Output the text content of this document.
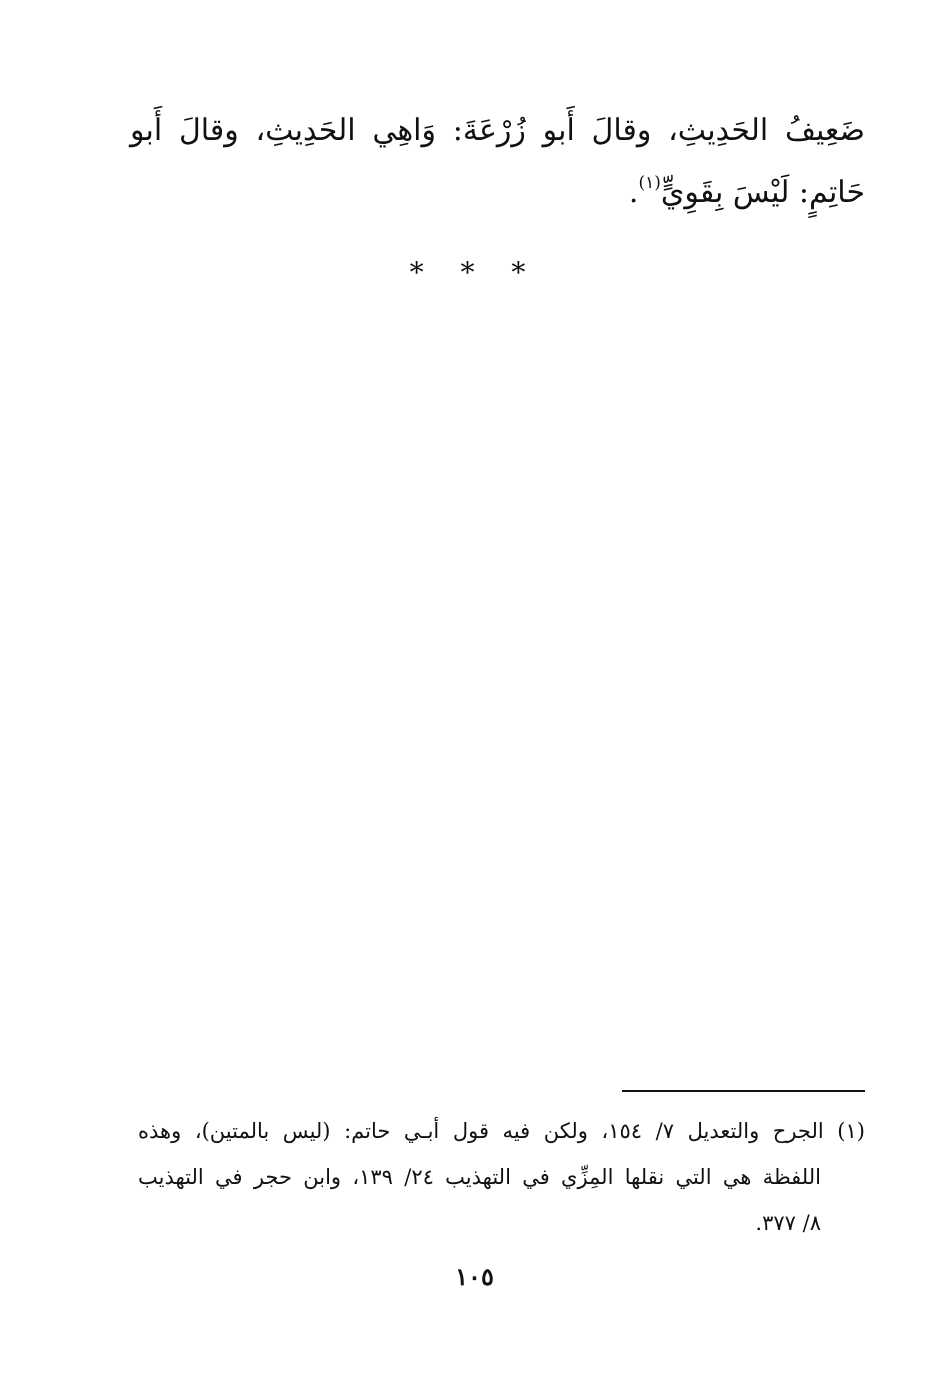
ضَعِيفُ الحَدِيثِ، وقالَ أَبو زُرْعَةَ: وَاهِي الحَدِيثِ، وقالَ أَبو حَاتِمٍ: لَيْسَ بِقَوِيٍّ$^{(١)}$.

* * *

(١) الجرح والتعديل ٧/ ١٥٤، ولكن فيه قول أبـي حاتم: (ليس بالمتين)، وهذه
اللفظة هي التي نقلها المِزِّي في التهذيب ٢٤/ ١٣٩، وابن حجر في التهذيب
٨/ ٣٧٧.

١٠٥
